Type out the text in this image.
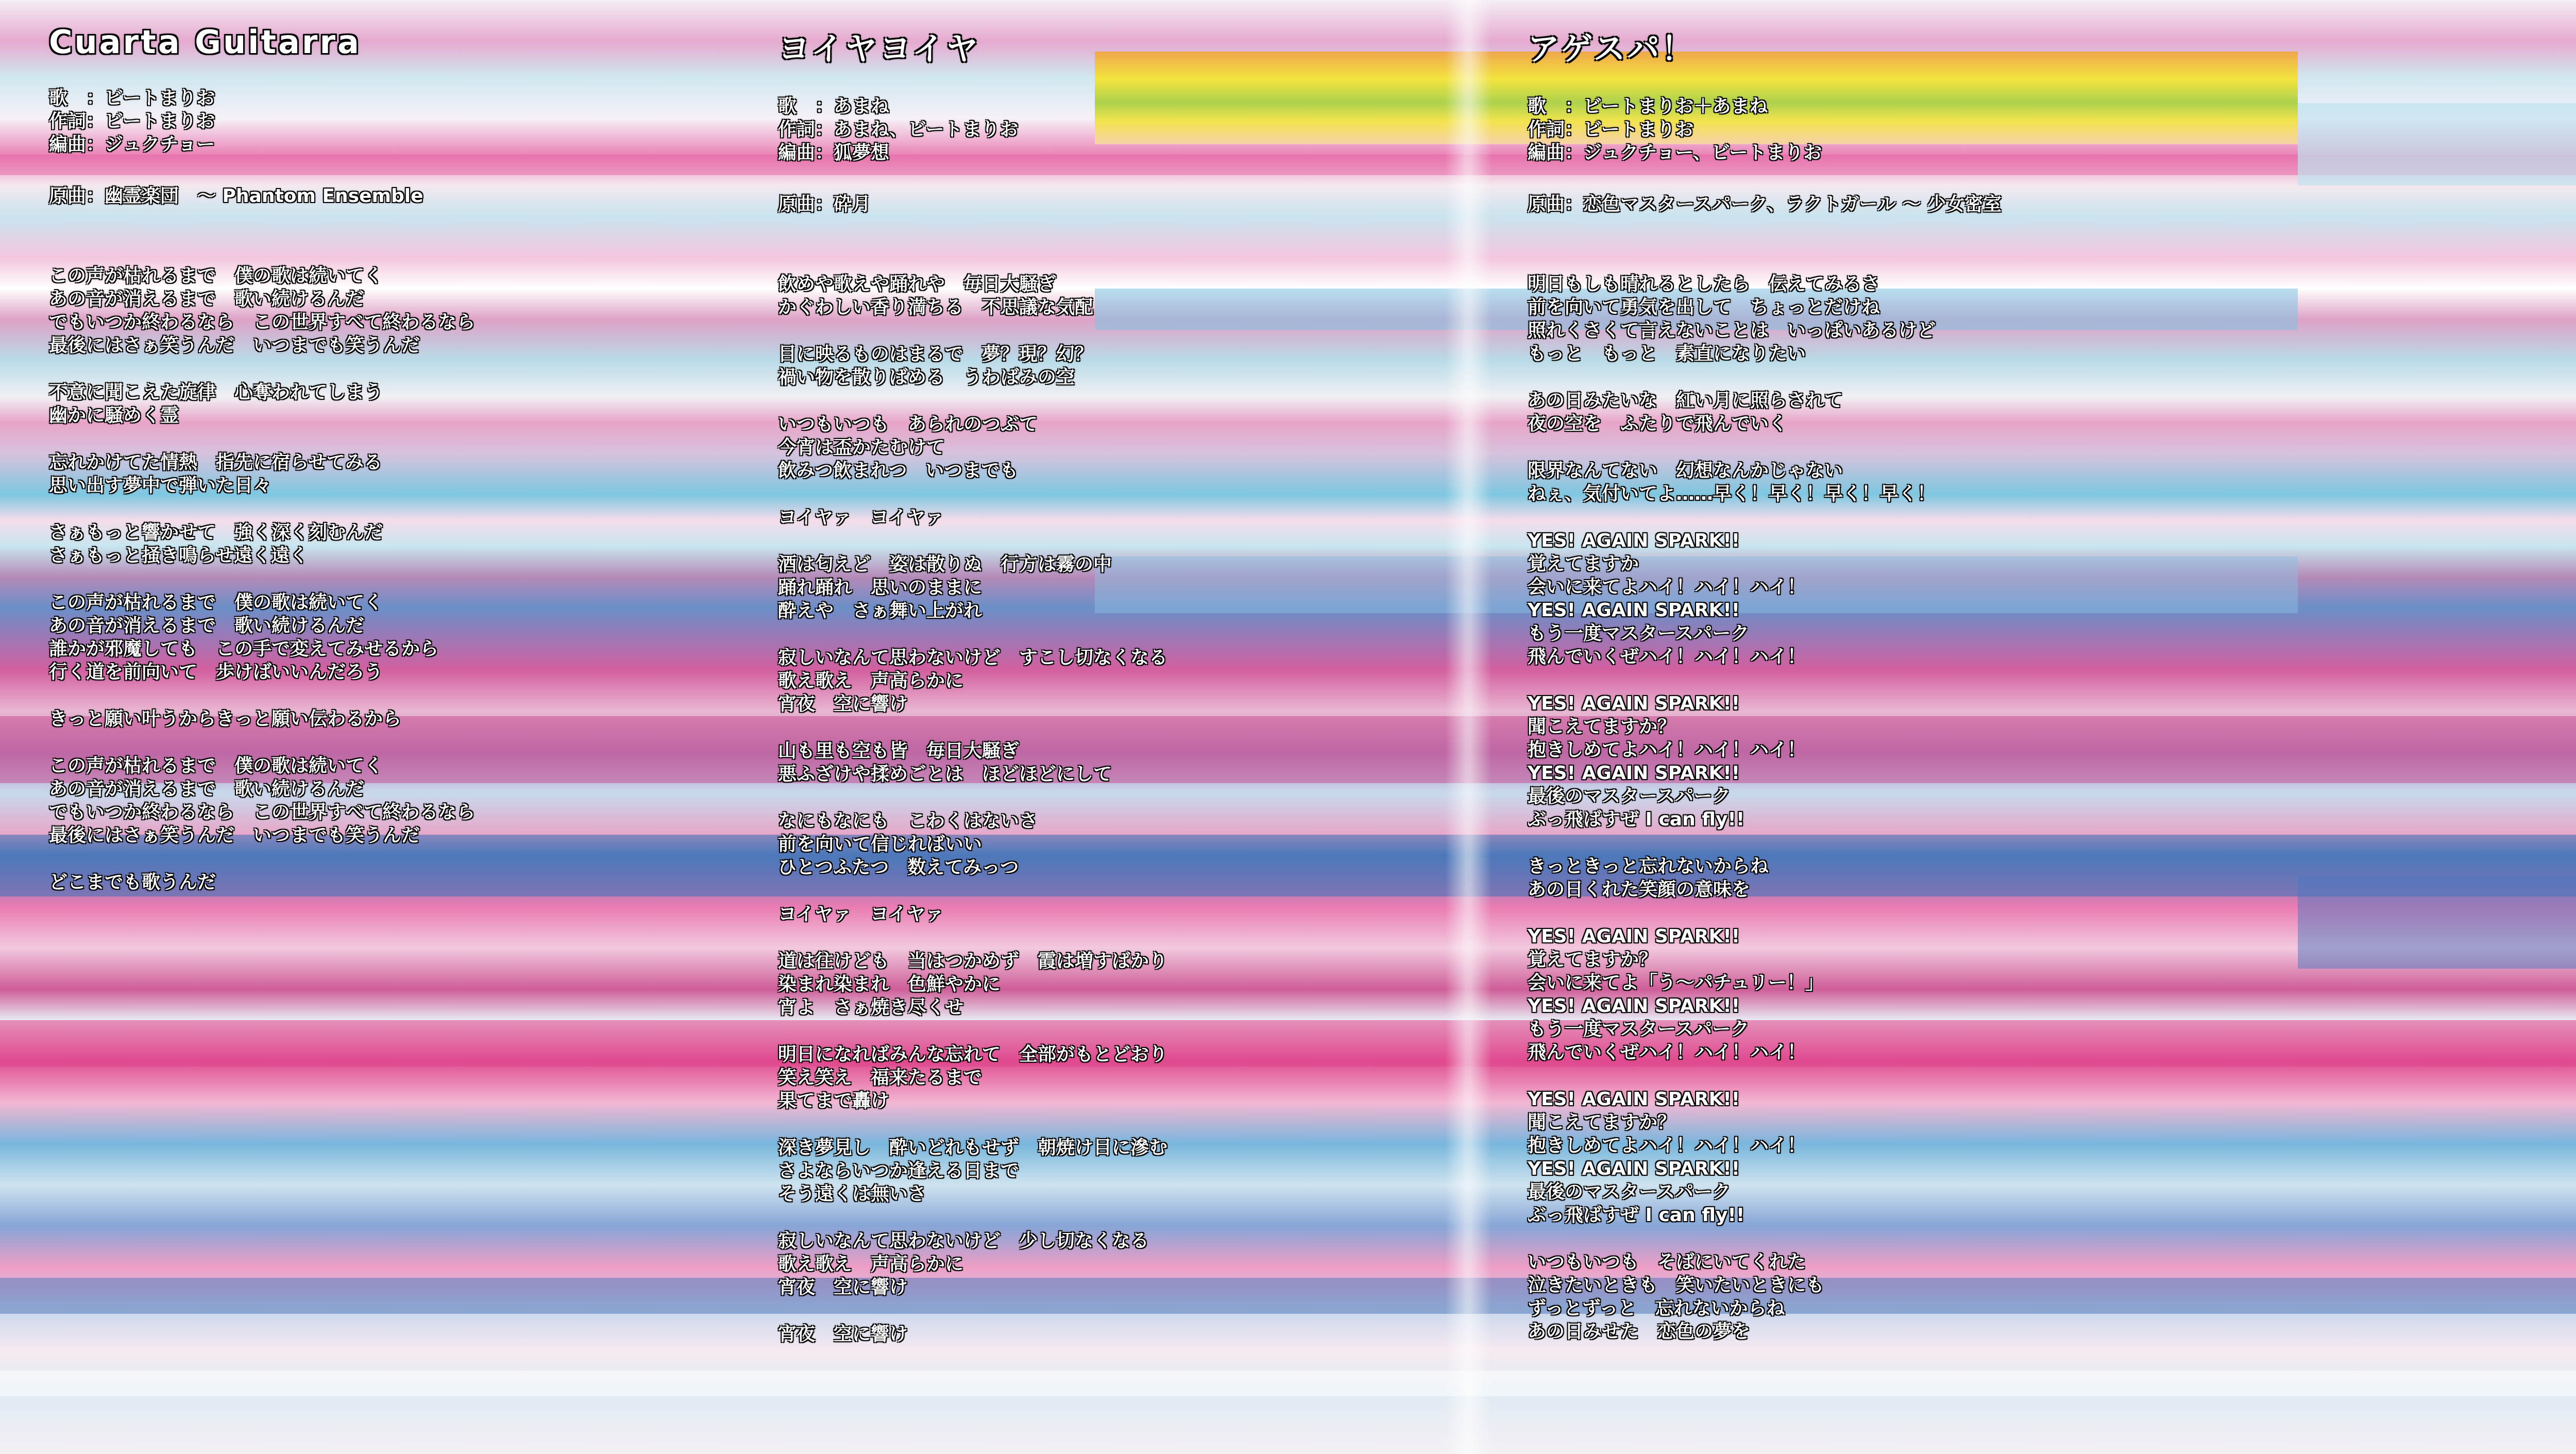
Cuarta Guitarra

歌　：ビートまりお

作詞：ビートまりお

編曲：ジュクチョー

原曲：幽霊楽団　～ Phantom Ensemble

この声が枯れるまで　僕の歌は続いてく

あの音が消えるまで　歌い続けるんだ

でもいつか終わるなら　この世界すべて終わるなら

最後にはさぁ笑うんだ　いつまでも笑うんだ

不意に聞こえた旋律　心奪われてしまう

幽かに騒めく霊

忘れかけてた情熱　指先に宿らせてみる

思い出す夢中で弾いた日々

さぁもっと響かせて　強く深く刻むんだ

さぁもっと掻き鳴らせ遠く遠く

この声が枯れるまで　僕の歌は続いてく

あの音が消えるまで　歌い続けるんだ

誰かが邪魔しても　この手で変えてみせるから

行く道を前向いて　歩けばいいんだろう

きっと願い叶うからきっと願い伝わるから

この声が枯れるまで　僕の歌は続いてく

あの音が消えるまで　歌い続けるんだ

でもいつか終わるなら　この世界すべて終わるなら

最後にはさぁ笑うんだ　いつまでも笑うんだ

どこまでも歌うんだ

ヨイヤヨイヤ

歌　：あまね

作詞：あまね、ビートまりお

編曲：狐夢想

原曲：砕月

飲めや歌えや踊れや　毎日大騒ぎ

かぐわしい香り満ちる　不思議な気配

目に映るものはまるで　夢？現？幻？

禍い物を散りばめる　うわばみの空

いつもいつも　あられのつぶて

今宵は盃かたむけて

飲みつ飲まれつ　いつまでも

ヨイヤァ　ヨイヤァ

酒は匂えど　姿は散りぬ　行方は霧の中

踊れ踊れ　思いのままに

酔えや　さぁ舞い上がれ

寂しいなんて思わないけど　すこし切なくなる

歌え歌え　声高らかに

宵夜　空に響け

山も里も空も皆　毎日大騒ぎ

悪ふざけや揉めごとは　ほどほどにして

なにもなにも　こわくはないさ

前を向いて信じればいい

ひとつふたつ　数えてみっつ

ヨイヤァ　ヨイヤァ

道は往けども　当はつかめず　霞は増すばかり

染まれ染まれ　色鮮やかに

宵よ　さぁ焼き尽くせ

明日になればみんな忘れて　全部がもとどおり

笑え笑え　福来たるまで

果てまで轟け

深き夢見し　酔いどれもせず　朝焼け目に滲む

さよならいつか逢える日まで

そう遠くは無いさ

寂しいなんて思わないけど　少し切なくなる

歌え歌え　声高らかに

宵夜　空に響け

宵夜　空に響け

アゲスパ！

歌　：ビートまりお＋あまね

作詞：ビートまりお

編曲：ジュクチョー、ビートまりお

原曲：恋色マスタースパーク、ラクトガール ～ 少女密室

明日もしも晴れるとしたら　伝えてみるさ

前を向いて勇気を出して　ちょっとだけね

照れくさくて言えないことは　いっぱいあるけど

もっと　もっと　素直になりたい

あの日みたいな　紅い月に照らされて

夜の空を　ふたりで飛んでいく

限界なんてない　幻想なんかじゃない

ねぇ、気付いてよ……早く！早く！早く！早く！

YES! AGAIN SPARK!!

覚えてますか

会いに来てよハイ！ハイ！ハイ！

YES! AGAIN SPARK!!

もう一度マスタースパーク

飛んでいくぜハイ！ハイ！ハイ！

YES! AGAIN SPARK!!

聞こえてますか？

抱きしめてよハイ！ハイ！ハイ！

YES! AGAIN SPARK!!

最後のマスタースパーク

ぶっ飛ばすぜ I can fly!!

きっときっと忘れないからね

あの日くれた笑顔の意味を

YES! AGAIN SPARK!!

覚えてますか？

会いに来てよ「う～パチュリー！」

YES! AGAIN SPARK!!

もう一度マスタースパーク

飛んでいくぜハイ！ハイ！ハイ！

YES! AGAIN SPARK!!

聞こえてますか？

抱きしめてよハイ！ハイ！ハイ！

YES! AGAIN SPARK!!

最後のマスタースパーク

ぶっ飛ばすぜ I can fly!!

いつもいつも　そばにいてくれた

泣きたいときも　笑いたいときにも

ずっとずっと　忘れないからね

あの日みせた　恋色の夢を
